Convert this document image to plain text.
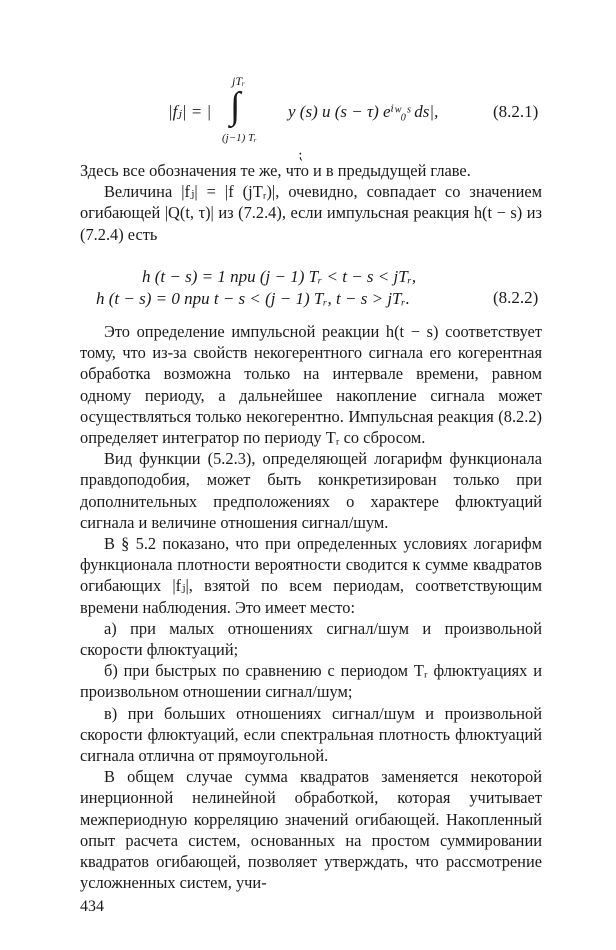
|fⱼ| = |
jTᵣ
∫
(j−1) Tᵣ
y (s) u (s − τ) eⁱʷ₀ˢ ds|,	(8.2.1)
⁏

Здесь все обозначения те же, что и в предыдущей главе.

Величина |fⱼ| = |f (jTᵣ)|, очевидно, совпадает со значением огибающей |Q(t, τ)| из (7.2.4), если импульсная реакция h(t − s) из (7.2.4) есть

h (t − s) = 1 при (j − 1) Tᵣ < t − s < jTᵣ,
h (t − s) = 0 при t − s < (j − 1) Tᵣ, t − s > jTᵣ.	(8.2.2)

Это определение импульсной реакции h(t − s) соответствует тому, что из-за свойств некогерентного сигнала его когерентная обработка возможна только на интервале времени, равном одному периоду, а дальнейшее накопление сигнала может осуществляться только некогерентно. Импульсная реакция (8.2.2) определяет интегратор по периоду Tᵣ со сбросом.

Вид функции (5.2.3), определяющей логарифм функционала правдоподобия, может быть конкретизирован только при дополнительных предположениях о характере флюктуаций сигнала и величине отношения сигнал/шум.

В § 5.2 показано, что при определенных условиях логарифм функционала плотности вероятности сводится к сумме квадратов огибающих |fⱼ|, взятой по всем периодам, соответствующим времени наблюдения. Это имеет место:

а) при малых отношениях сигнал/шум и произвольной скорости флюктуаций;

б) при быстрых по сравнению с периодом Tᵣ флюктуациях и произвольном отношении сигнал/шум;

в) при больших отношениях сигнал/шум и произвольной скорости флюктуаций, если спектральная плотность флюктуаций сигнала отлична от прямоугольной.

В общем случае сумма квадратов заменяется некоторой инерционной нелинейной обработкой, которая учитывает межпериодную корреляцию значений огибающей. Накопленный опыт расчета систем, основанных на простом суммировании квадратов огибающей, позволяет утверждать, что рассмотрение усложненных систем, учи-

434
